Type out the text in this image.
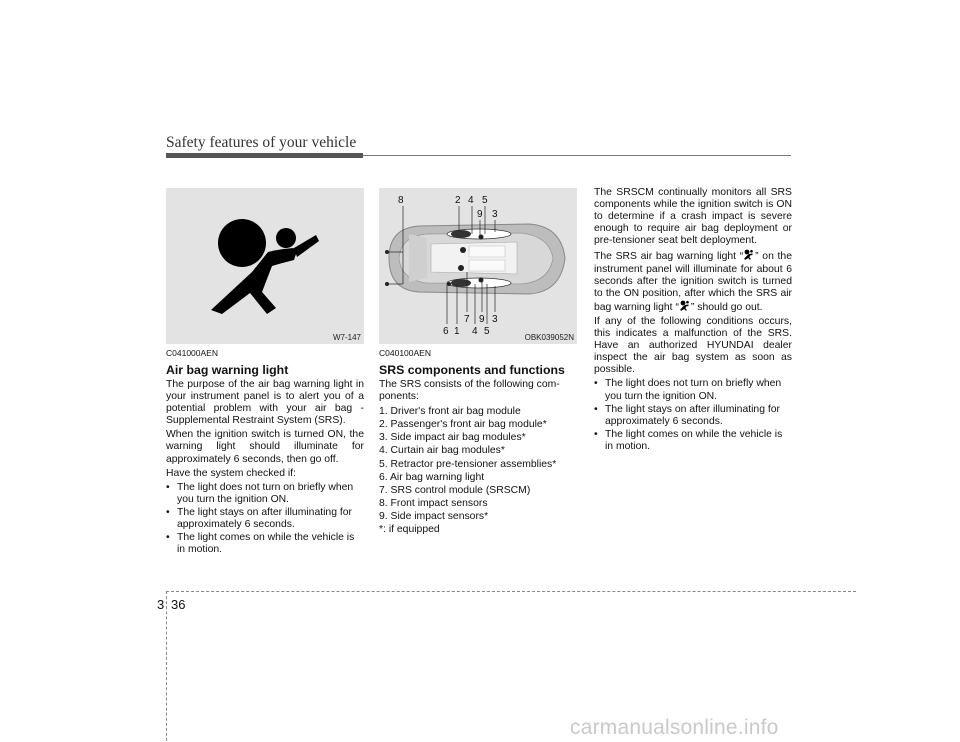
Safety features of your vehicle
W7-147
C041000AEN
Air bag warning light

The purpose of the air bag warning light in your instrument panel is to alert you of a potential problem with your air bag - Supplemental Restraint System (SRS).

When the ignition switch is turned ON, the warning light should illuminate for approximately 6 seconds, then go off.

Have the system checked if:

• The light does not turn on briefly when you turn the ignition ON.
• The light stays on after illuminating for approximately 6 seconds.
• The light comes on while the vehicle is in motion.
8	2 4 5
9 3
6 1
7
4
9
5
3
OBK039052N
C040100AEN
SRS components and functions

The SRS consists of the following com-ponents:

1. Driver's front air bag module
2. Passenger's front air bag module*
3. Side impact air bag modules*
4. Curtain air bag modules*
5. Retractor pre-tensioner assemblies*
6. Air bag warning light
7. SRS control module (SRSCM)
8. Front impact sensors
9. Side impact sensors*
*: if equipped

The SRSCM continually monitors all SRS components while the ignition switch is ON to determine if a crash impact is severe enough to require air bag deployment or pre-tensioner seat belt deployment.

The SRS air bag warning light “ ” on the instrument panel will illuminate for about 6 seconds after the ignition switch is turned to the ON position, after which the SRS air bag warning light “ ” should go out.

If any of the following conditions occurs, this indicates a malfunction of the SRS. Have an authorized HYUNDAI dealer inspect the air bag system as soon as possible.

• The light does not turn on briefly when you turn the ignition ON.
• The light stays on after illuminating for approximately 6 seconds.
• The light comes on while the vehicle is in motion.
3 36
carmanualsonline.info
